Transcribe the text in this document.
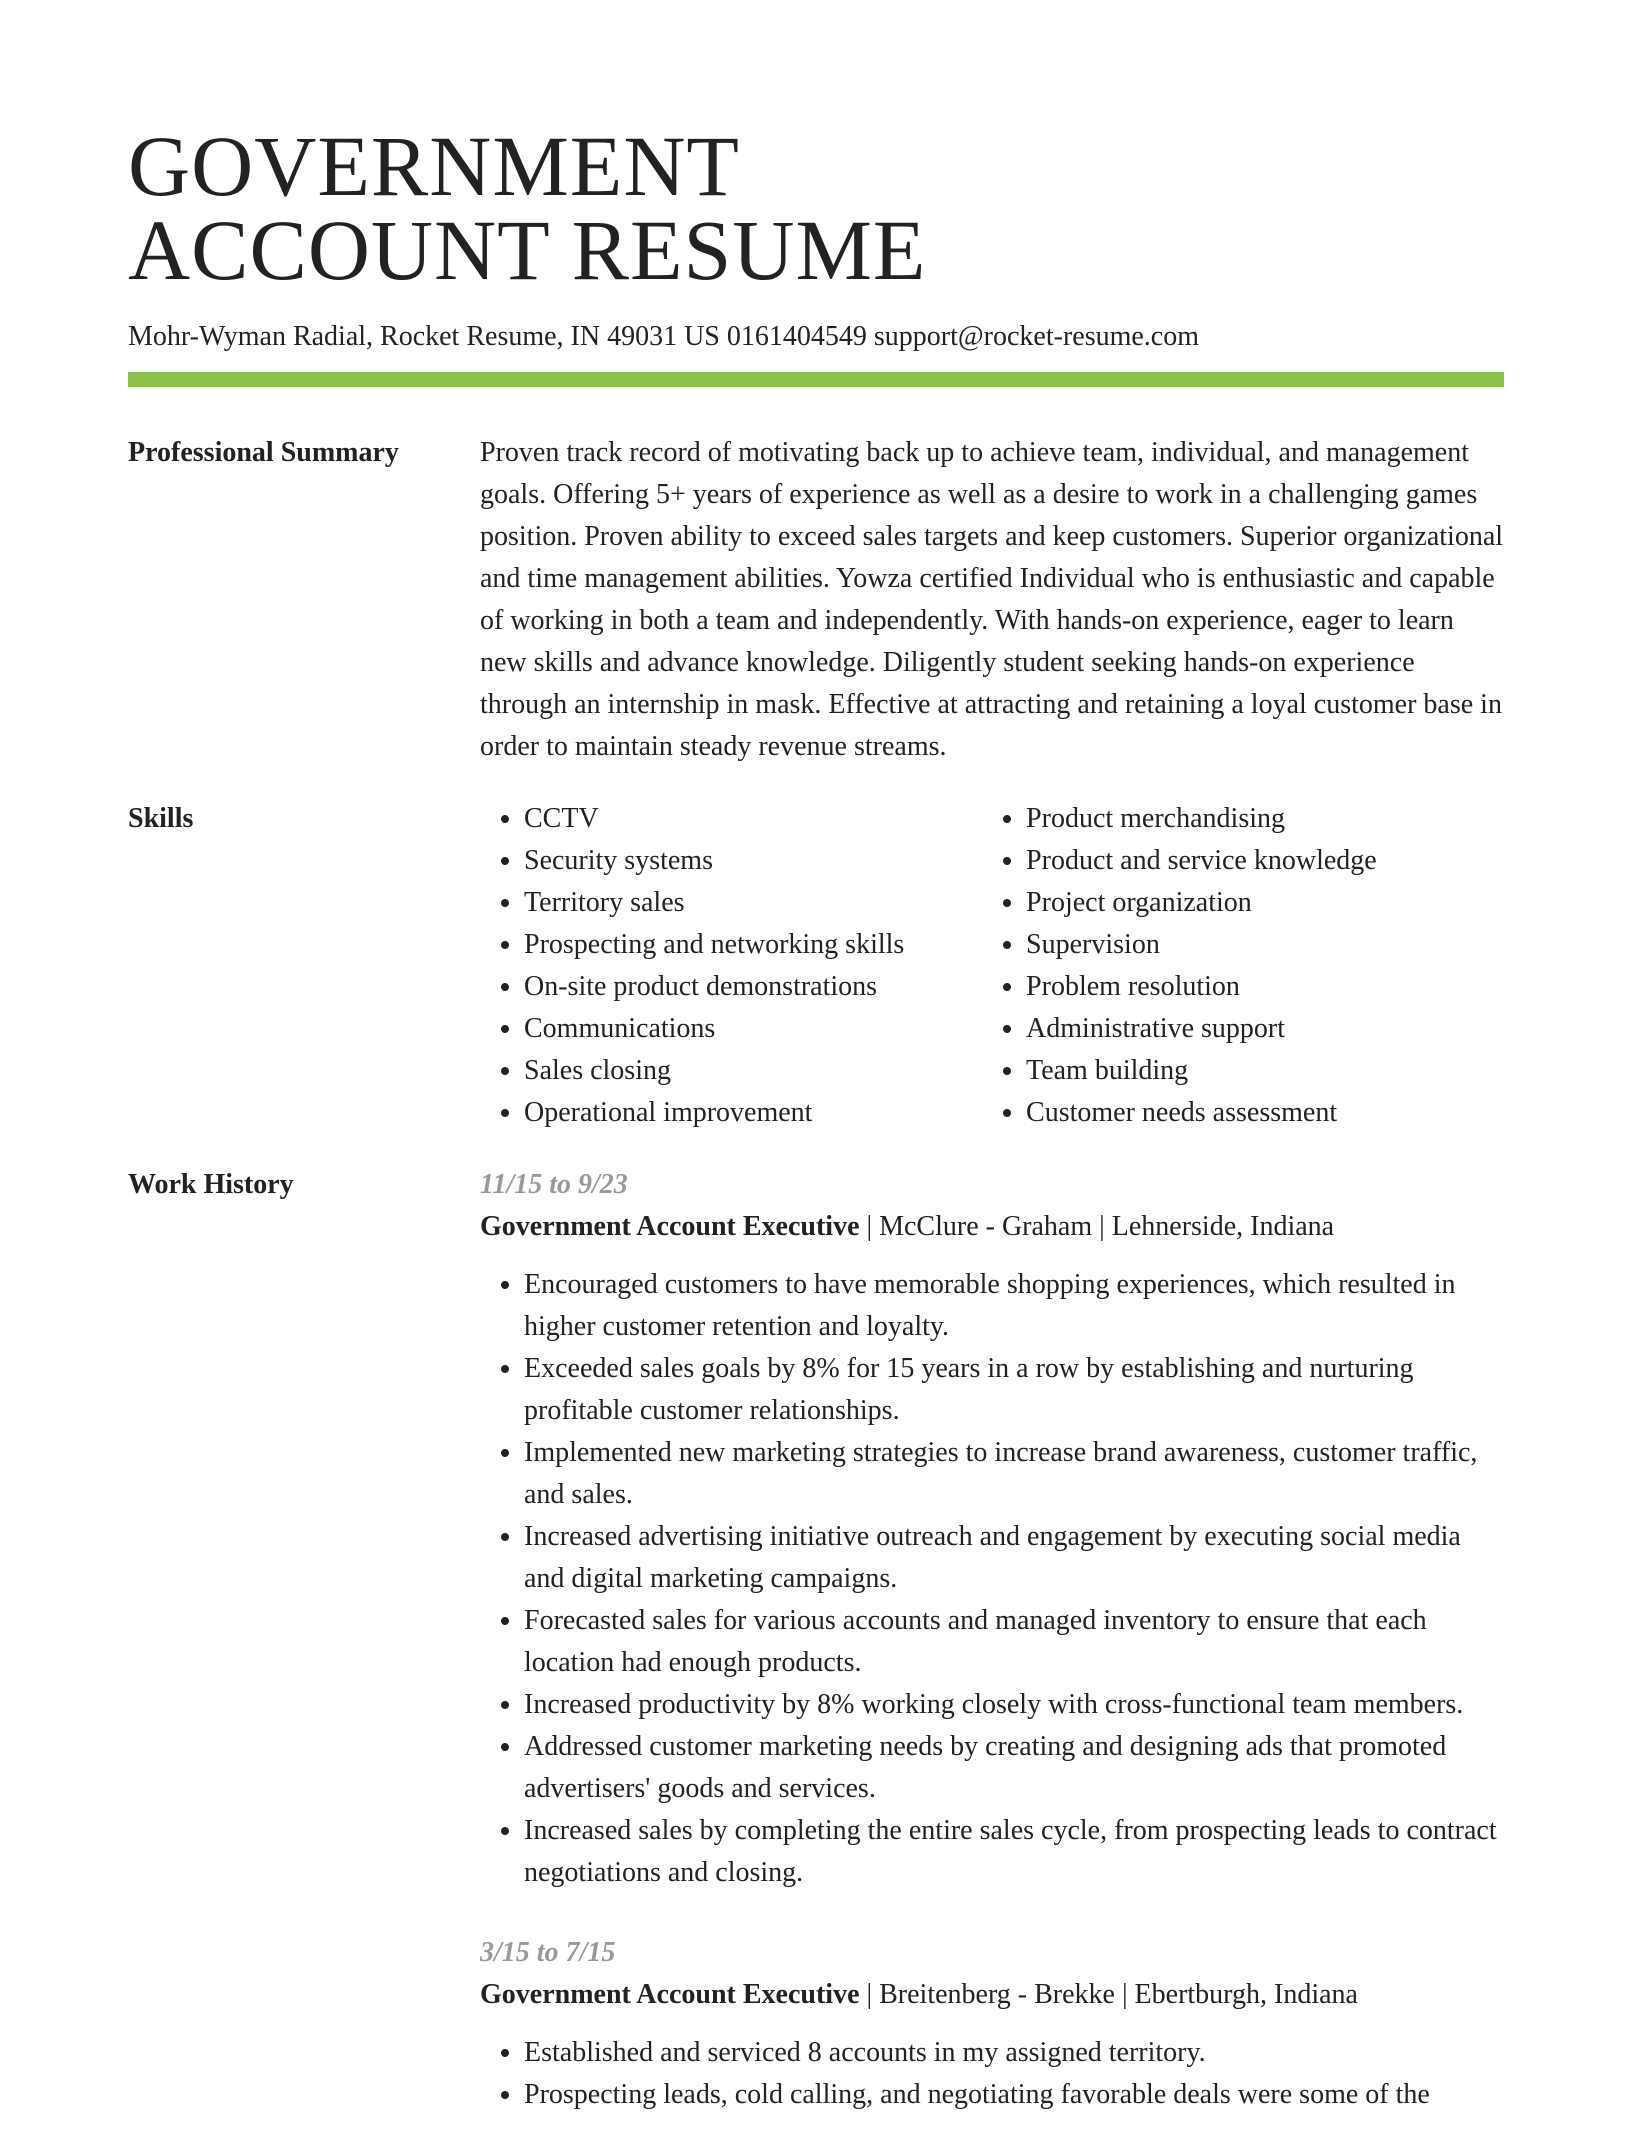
GOVERNMENT
ACCOUNT RESUME
Mohr-Wyman Radial, Rocket Resume, IN 49031 US 0161404549 support@rocket-resume.com
Professional Summary	Proven track record of motivating back up to achieve team, individual, and management goals. Offering 5+ years of experience as well as a desire to work in a challenging games position. Proven ability to exceed sales targets and keep customers. Superior organizational and time management abilities. Yowza certified Individual who is enthusiastic and capable of working in both a team and independently. With hands-on experience, eager to learn new skills and advance knowledge. Diligently student seeking hands-on experience through an internship in mask. Effective at attracting and retaining a loyal customer base in order to maintain steady revenue streams.
Skills
•	CCTV
• Security systems
• Territory sales
• Prospecting and networking skills
• On-site product demonstrations
• Communications
• Sales closing
• Operational improvement
• Product merchandising
• Product and service knowledge
• Project organization
• Supervision
• Problem resolution
• Administrative support
• Team building
• Customer needs assessment
Work History	11/15 to 9/23
Government Account Executive | McClure - Graham | Lehnerside, Indiana
• Encouraged customers to have memorable shopping experiences, which resulted in higher customer retention and loyalty.
• Exceeded sales goals by 8% for 15 years in a row by establishing and nurturing profitable customer relationships.
• Implemented new marketing strategies to increase brand awareness, customer traffic, and sales.
• Increased advertising initiative outreach and engagement by executing social media and digital marketing campaigns.
• Forecasted sales for various accounts and managed inventory to ensure that each location had enough products.
• Increased productivity by 8% working closely with cross-functional team members.
• Addressed customer marketing needs by creating and designing ads that promoted advertisers' goods and services.
• Increased sales by completing the entire sales cycle, from prospecting leads to contract negotiations and closing.
3/15 to 7/15
Government Account Executive | Breitenberg - Brekke | Ebertburgh, Indiana
• Established and serviced 8 accounts in my assigned territory.
• Prospecting leads, cold calling, and negotiating favorable deals were some of the
